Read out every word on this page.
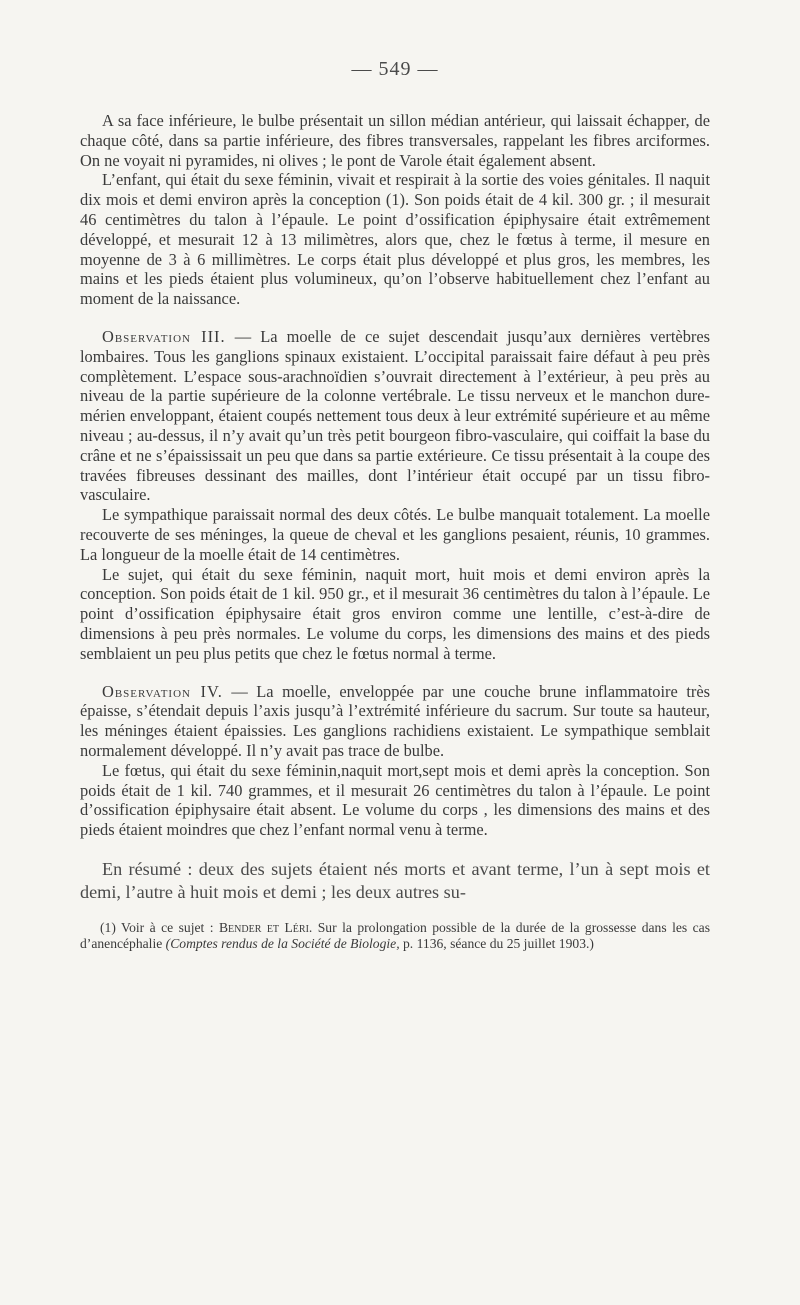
— 549 —

A sa face inférieure, le bulbe présentait un sillon médian antérieur, qui laissait échapper, de chaque côté, dans sa partie inférieure, des fibres transversales, rappelant les fibres arciformes. On ne voyait ni pyramides, ni olives ; le pont de Varole était également absent.

L’enfant, qui était du sexe féminin, vivait et respirait à la sortie des voies génitales. Il naquit dix mois et demi environ après la conception (1). Son poids était de 4 kil. 300 gr. ; il mesurait 46 centimètres du talon à l’épaule. Le point d’ossification épiphysaire était extrêmement développé, et mesurait 12 à 13 milimètres, alors que, chez le fœtus à terme, il mesure en moyenne de 3 à 6 millimètres. Le corps était plus développé et plus gros, les membres, les mains et les pieds étaient plus volumineux, qu’on l’observe habituellement chez l’enfant au moment de la naissance.

Observation III. — La moelle de ce sujet descendait jusqu’aux dernières vertèbres lombaires. Tous les ganglions spinaux existaient. L’occipital paraissait faire défaut à peu près complètement. L’espace sous-arachnoïdien s’ouvrait directement à l’extérieur, à peu près au niveau de la partie supérieure de la colonne vertébrale. Le tissu nerveux et le manchon dure-mérien enveloppant, étaient coupés nettement tous deux à leur extrémité supérieure et au même niveau ; au-dessus, il n’y avait qu’un très petit bourgeon fibro-vasculaire, qui coiffait la base du crâne et ne s’épaississait un peu que dans sa partie extérieure. Ce tissu présentait à la coupe des travées fibreuses dessinant des mailles, dont l’intérieur était occupé par un tissu fibro-vasculaire.

Le sympathique paraissait normal des deux côtés. Le bulbe manquait totalement. La moelle recouverte de ses méninges, la queue de cheval et les ganglions pesaient, réunis, 10 grammes. La longueur de la moelle était de 14 centimètres.

Le sujet, qui était du sexe féminin, naquit mort, huit mois et demi environ après la conception. Son poids était de 1 kil. 950 gr., et il mesurait 36 centimètres du talon à l’épaule. Le point d’ossification épiphysaire était gros environ comme une lentille, c’est-à-dire de dimensions à peu près normales. Le volume du corps, les dimensions des mains et des pieds semblaient un peu plus petits que chez le fœtus normal à terme.

Observation IV. — La moelle, enveloppée par une couche brune inflammatoire très épaisse, s’étendait depuis l’axis jusqu’à l’extrémité inférieure du sacrum. Sur toute sa hauteur, les méninges étaient épaissies. Les ganglions rachidiens existaient. Le sympathique semblait normalement développé. Il n’y avait pas trace de bulbe.

Le fœtus, qui était du sexe féminin,naquit mort,sept mois et demi après la conception. Son poids était de 1 kil. 740 grammes, et il mesurait 26 centimètres du talon à l’épaule. Le point d’ossification épiphysaire était absent. Le volume du corps , les dimensions des mains et des pieds étaient moindres que chez l’enfant normal venu à terme.

En résumé : deux des sujets étaient nés morts et avant terme, l’un à sept mois et demi, l’autre à huit mois et demi ; les deux autres su-

(1) Voir à ce sujet : Bender et Léri. Sur la prolongation possible de la durée de la grossesse dans les cas d’anencéphalie (Comptes rendus de la Société de Biologie, p. 1136, séance du 25 juillet 1903.)
